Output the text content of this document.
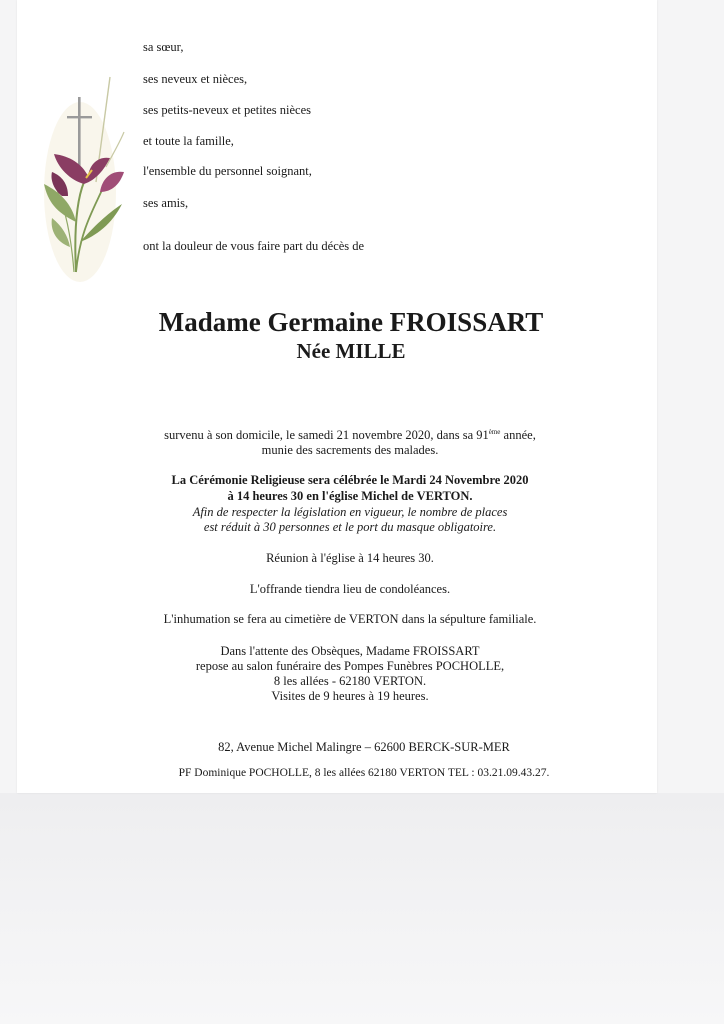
sa sœur,
ses neveux et nièces,
ses petits-neveux et petites nièces
et toute la famille,
l'ensemble du personnel soignant,
ses amis,
ont la douleur de vous faire part du décès de
Madame Germaine FROISSART
Née MILLE
survenu à son domicile, le samedi 21 novembre 2020, dans sa 91ème année,
munie des sacrements des malades.
La Cérémonie Religieuse sera célébrée le Mardi 24 Novembre 2020
à 14 heures 30 en l'église Michel de VERTON.
Afin de respecter la législation en vigueur, le nombre de places
est réduit à 30 personnes et le port du masque obligatoire.
Réunion à l'église à 14 heures 30.
L'offrande tiendra lieu de condoléances.
L'inhumation se fera au cimetière de VERTON dans la sépulture familiale.
Dans l'attente des Obsèques, Madame FROISSART
repose au salon funéraire des Pompes Funèbres POCHOLLE,
8 les allées - 62180 VERTON.
Visites de 9 heures à 19 heures.
82, Avenue Michel Malingre – 62600 BERCK-SUR-MER
PF Dominique POCHOLLE, 8 les allées 62180 VERTON TEL : 03.21.09.43.27.
